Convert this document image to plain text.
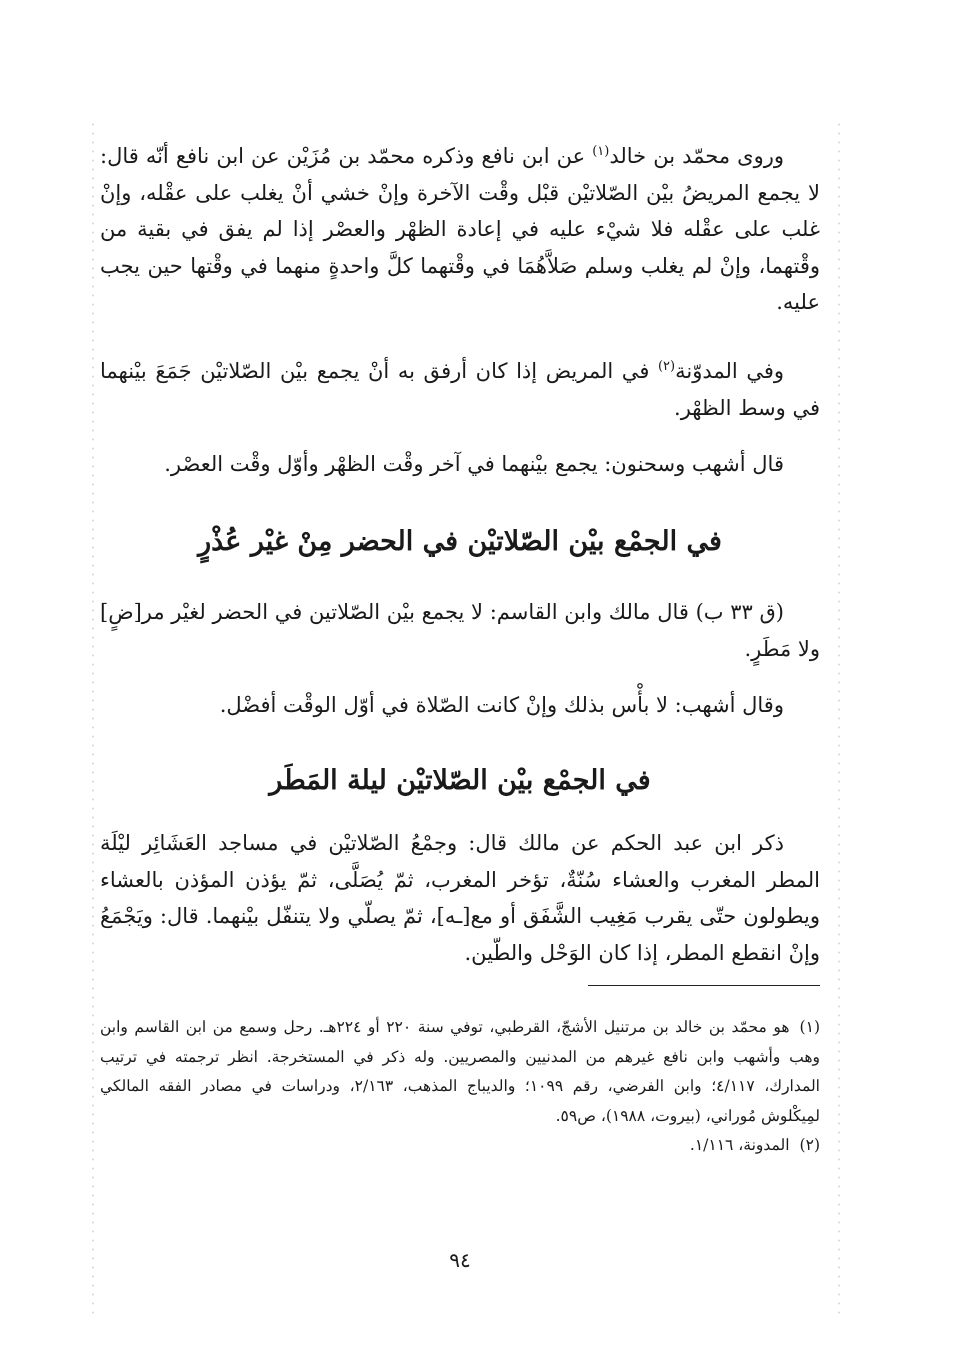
وروى محمّد بن خالد$^{(١)}$ عن ابن نافع وذكره محمّد بن مُزَيْن عن ابن نافع أنّه قال: لا يجمع المريضُ بيْن الصّلاتيْن قبْل وقْت الآخرة وإنْ خشي أنْ يغلب على عقْله، وإنْ غلب على عقْله فلا شيْء عليه في إعادة الظهْر والعصْر إذا لم يفق في بقية من وقْتهما، وإنْ لم يغلب وسلم صَلاَّهُمَا في وقْتهما كلَّ واحدةٍ منهما في وقْتها حين يجب عليه.
وفي المدوّنة$^{(٢)}$ في المريض إذا كان أرفق به أنْ يجمع بيْن الصّلاتيْن جَمَعَ بيْنهما في وسط الظهْر.
قال أشهب وسحنون: يجمع بيْنهما في آخر وقْت الظهْر وأوّل وقْت العصْر.
في الجمْع بيْن الصّلاتيْن في الحضر مِنْ غيْر عُذْرٍ
(ق ٣٣ ب) قال مالك وابن القاسم: لا يجمع بيْن الصّلاتين في الحضر لغيْر مر[ضٍ] ولا مَطَرٍ.
وقال أشهب: لا بأْس بذلك وإنْ كانت الصّلاة في أوّل الوقْت أفضْل.
في الجمْع بيْن الصّلاتيْن ليلة المَطَر
ذكر ابن عبد الحكم عن مالك قال: وجمْعُ الصّلاتيْن في مساجد العَشَائِر ليْلَة المطر المغرب والعشاء سُنّةٌ، تؤخر المغرب، ثمّ يُصَلَّى، ثمّ يؤذن المؤذن بالعشاء ويطولون حتّى يقرب مَغِيب الشَّفَق أو مع[ـه]، ثمّ يصلّي ولا يتنفّل بيْنهما. قال: ويَجْمَعُ وإنْ انقطع المطر، إذا كان الوَحْل والطّين.
(١)هو محمّد بن خالد بن مرتنيل الأشجّ، القرطبي، توفي سنة ٢٢٠ أو ٢٢٤هـ. رحل وسمع من ابن القاسم وابن وهب وأشهب وابن نافع غيرهم من المدنيين والمصريين. وله ذكر في المستخرجة. انظر ترجمته في ترتيب المدارك، ٤/١١٧؛ وابن الفرضي، رقم ١٠٩٩؛ والديباج المذهب، ٢/١٦٣، ودراسات في مصادر الفقه المالكي لمِيكْلوش مُوراني، (بيروت، ١٩٨٨)، ص٥٩.
(٢)المدونة، ١/١١٦.
٩٤
